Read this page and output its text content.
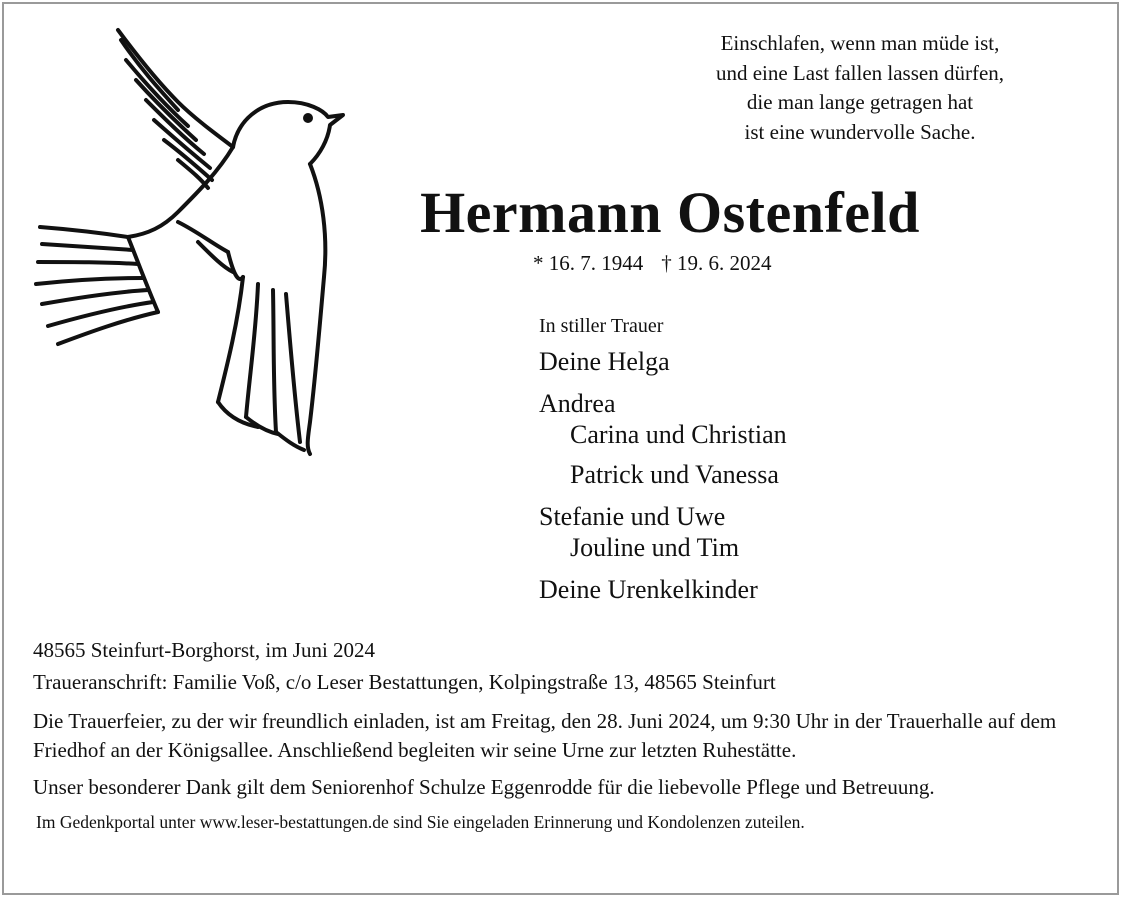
Einschlafen, wenn man müde ist,
und eine Last fallen lassen dürfen,
die man lange getragen hat
ist eine wundervolle Sache.
Hermann Ostenfeld
* 16. 7. 1944 † 19. 6. 2024
In stiller Trauer
Deine Helga
Andrea
Carina und Christian
Patrick und Vanessa
Stefanie und Uwe
Jouline und Tim
Deine Urenkelkinder

48565 Steinfurt-Borghorst, im Juni 2024

Traueranschrift: Familie Voß, c/o Leser Bestattungen, Kolpingstraße 13, 48565 Steinfurt

Die Trauerfeier, zu der wir freundlich einladen, ist am Freitag, den 28. Juni 2024, um 9:30 Uhr in der Trauerhalle auf dem Friedhof an der Königsallee. Anschließend begleiten wir seine Urne zur letzten Ruhestätte.

Unser besonderer Dank gilt dem Seniorenhof Schulze Eggenrodde für die liebevolle Pflege und Betreuung.

Im Gedenkportal unter www.leser-bestattungen.de sind Sie eingeladen Erinnerung und Kondolenzen zuteilen.
